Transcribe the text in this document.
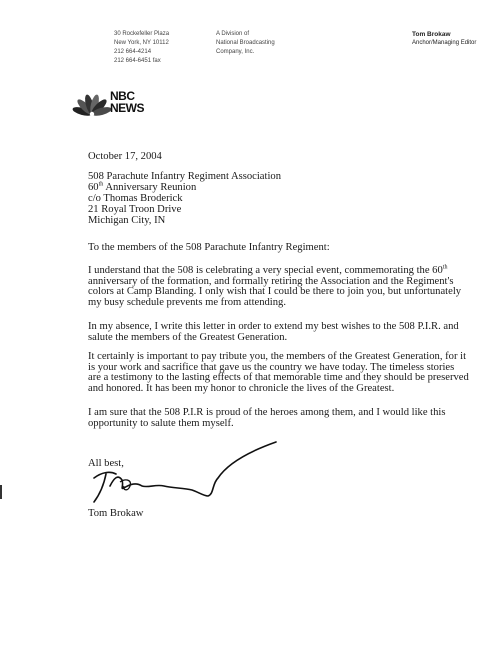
30 Rockefeller Plaza
New York, NY 10112
212 664-4214
212 664-6451 fax
A Division of
National Broadcasting
Company, Inc.
Tom Brokaw
Anchor/Managing Editor
NBC
NEWS
October 17, 2004
508 Parachute Infantry Regiment Association
60th Anniversary Reunion
c/o Thomas Broderick
21 Royal Troon Drive
Michigan City, IN
To the members of the 508 Parachute Infantry Regiment:
I understand that the 508 is celebrating a very special event, commemorating the 60th
anniversary of the formation, and formally retiring the Association and the Regiment's
colors at Camp Blanding. I only wish that I could be there to join you, but unfortunately
my busy schedule prevents me from attending.
In my absence, I write this letter in order to extend my best wishes to the 508 P.I.R. and
salute the members of the Greatest Generation.
It certainly is important to pay tribute you, the members of the Greatest Generation, for it
is your work and sacrifice that gave us the country we have today. The timeless stories
are a testimony to the lasting effects of that memorable time and they should be preserved
and honored. It has been my honor to chronicle the lives of the Greatest.
I am sure that the 508 P.I.R is proud of the heroes among them, and I would like this
opportunity to salute them myself.
All best,
Tom Brokaw
